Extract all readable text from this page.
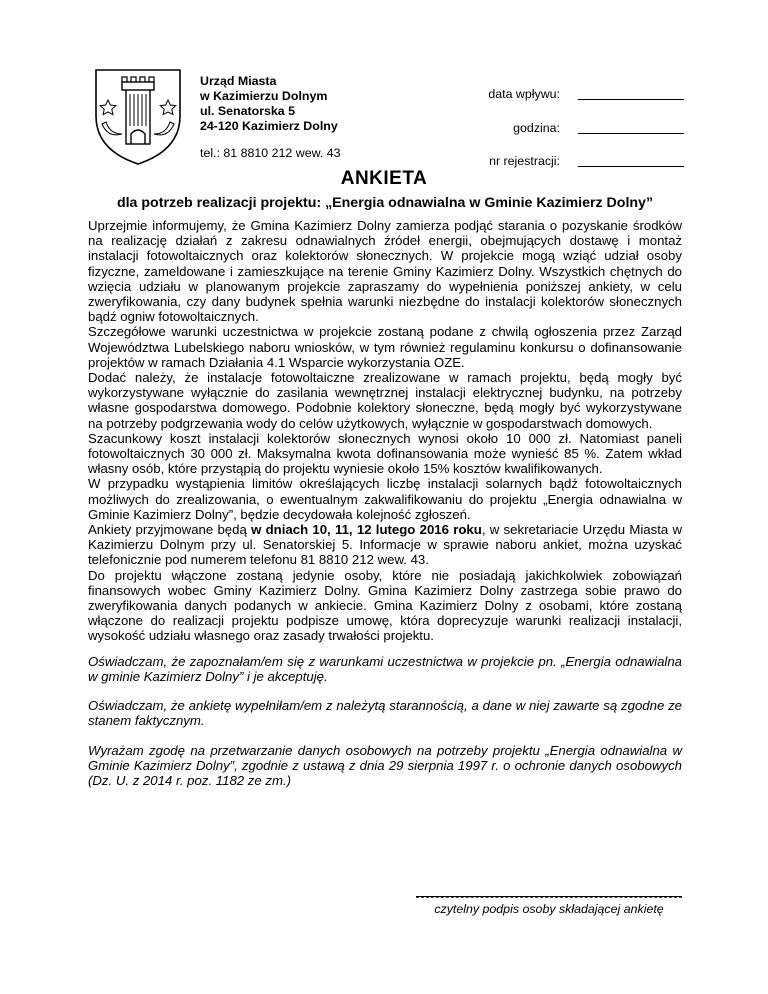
Urząd Miasta
w Kazimierzu Dolnym
ul. Senatorska 5
24-120 Kazimierz Dolny
tel.: 81 8810 212 wew. 43
data wpływu:
godzina:
nr rejestracji:
ANKIETA
dla potrzeb realizacji projektu: „Energia odnawialna w Gminie Kazimierz Dolny”

Uprzejmie informujemy, że Gmina Kazimierz Dolny zamierza podjąć starania o pozyskanie środków na realizację działań z zakresu odnawialnych źródeł energii, obejmujących dostawę i montaż instalacji fotowoltaicznych oraz kolektorów słonecznych. W projekcie mogą wziąć udział osoby fizyczne, zameldowane i zamieszkujące na terenie Gminy Kazimierz Dolny. Wszystkich chętnych do wzięcia udziału w planowanym projekcie zapraszamy do wypełnienia poniższej ankiety, w celu zweryfikowania, czy dany budynek spełnia warunki niezbędne do instalacji kolektorów słonecznych bądź ogniw fotowoltaicznych.

Szczegółowe warunki uczestnictwa w projekcie zostaną podane z chwilą ogłoszenia przez Zarząd Województwa Lubelskiego naboru wniosków, w tym również regulaminu konkursu o dofinansowanie projektów w ramach Działania 4.1 Wsparcie wykorzystania OZE.

Dodać należy, że instalacje fotowoltaiczne zrealizowane w ramach projektu, będą mogły być wykorzystywane wyłącznie do zasilania wewnętrznej instalacji elektrycznej budynku, na potrzeby własne gospodarstwa domowego. Podobnie kolektory słoneczne, będą mogły być wykorzystywane na potrzeby podgrzewania wody do celów użytkowych, wyłącznie w gospodarstwach domowych.

Szacunkowy koszt instalacji kolektorów słonecznych wynosi około 10 000 zł. Natomiast paneli fotowoltaicznych 30 000 zł. Maksymalna kwota dofinansowania może wynieść 85 %. Zatem wkład własny osób, które przystąpią do projektu wyniesie około 15% kosztów kwalifikowanych.

W przypadku wystąpienia limitów określających liczbę instalacji solarnych bądź fotowoltaicznych możliwych do zrealizowania, o ewentualnym zakwalifikowaniu do projektu „Energia odnawialna w Gminie Kazimierz Dolny”, będzie decydowała kolejność zgłoszeń.

Ankiety przyjmowane będą w dniach 10, 11, 12 lutego 2016 roku, w sekretariacie Urzędu Miasta w Kazimierzu Dolnym przy ul. Senatorskiej 5. Informacje w sprawie naboru ankiet, można uzyskać telefonicznie pod numerem telefonu 81 8810 212 wew. 43.

Do projektu włączone zostaną jedynie osoby, które nie posiadają jakichkolwiek zobowiązań finansowych wobec Gminy Kazimierz Dolny. Gmina Kazimierz Dolny zastrzega sobie prawo do zweryfikowania danych podanych w ankiecie. Gmina Kazimierz Dolny z osobami, które zostaną włączone do realizacji projektu podpisze umowę, która doprecyzuje warunki realizacji instalacji, wysokość udziału własnego oraz zasady trwałości projektu.

Oświadczam, że zapoznałam/em się z warunkami uczestnictwa w projekcie pn. „Energia odnawialna w gminie Kazimierz Dolny” i je akceptuję.

Oświadczam, że ankietę wypełniłam/em z należytą starannością, a dane w niej zawarte są zgodne ze stanem faktycznym.

Wyrażam zgodę na przetwarzanie danych osobowych na potrzeby projektu „Energia odnawialna w Gminie Kazimierz Dolny”, zgodnie z ustawą z dnia 29 sierpnia 1997 r. o ochronie danych osobowych (Dz. U. z 2014 r. poz. 1182 ze zm.)

czytelny podpis osoby składającej ankietę
